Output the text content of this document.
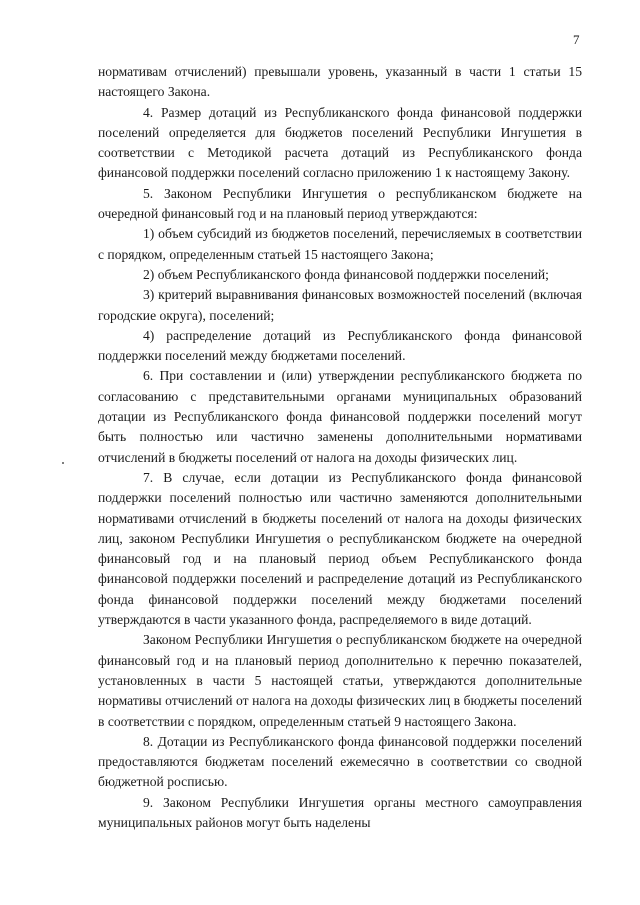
7

нормативам отчислений) превышали уровень, указанный в части 1 статьи 15 настоящего Закона.

4. Размер дотаций из Республиканского фонда финансовой поддержки поселений определяется для бюджетов поселений Республики Ингушетия в соответствии с Методикой расчета дотаций из Республиканского фонда финансовой поддержки поселений согласно приложению 1 к настоящему Закону.

5. Законом Республики Ингушетия о республиканском бюджете на очередной финансовый год и на плановый период утверждаются:

1) объем субсидий из бюджетов поселений, перечисляемых в соответствии с порядком, определенным статьей 15 настоящего Закона;

2) объем Республиканского фонда финансовой поддержки поселений;

3) критерий выравнивания финансовых возможностей поселений (включая городские округа), поселений;

4) распределение дотаций из Республиканского фонда финансовой поддержки поселений между бюджетами поселений.

6. При составлении и (или) утверждении республиканского бюджета по согласованию с представительными органами муниципальных образований дотации из Республиканского фонда финансовой поддержки поселений могут быть полностью или частично заменены дополнительными нормативами отчислений в бюджеты поселений от налога на доходы физических лиц.

7. В случае, если дотации из Республиканского фонда финансовой поддержки поселений полностью или частично заменяются дополнительными нормативами отчислений в бюджеты поселений от налога на доходы физических лиц, законом Республики Ингушетия о республиканском бюджете на очередной финансовый год и на плановый период объем Республиканского фонда финансовой поддержки поселений и распределение дотаций из Республиканского фонда финансовой поддержки поселений между бюджетами поселений утверждаются в части указанного фонда, распределяемого в виде дотаций.

Законом Республики Ингушетия о республиканском бюджете на очередной финансовый год и на плановый период дополнительно к перечню показателей, установленных в части 5 настоящей статьи, утверждаются дополнительные нормативы отчислений от налога на доходы физических лиц в бюджеты поселений в соответствии с порядком, определенным статьей 9 настоящего Закона.

8. Дотации из Республиканского фонда финансовой поддержки поселений предоставляются бюджетам поселений ежемесячно в соответствии со сводной бюджетной росписью.

9. Законом Республики Ингушетия органы местного самоуправления муниципальных районов могут быть наделены
